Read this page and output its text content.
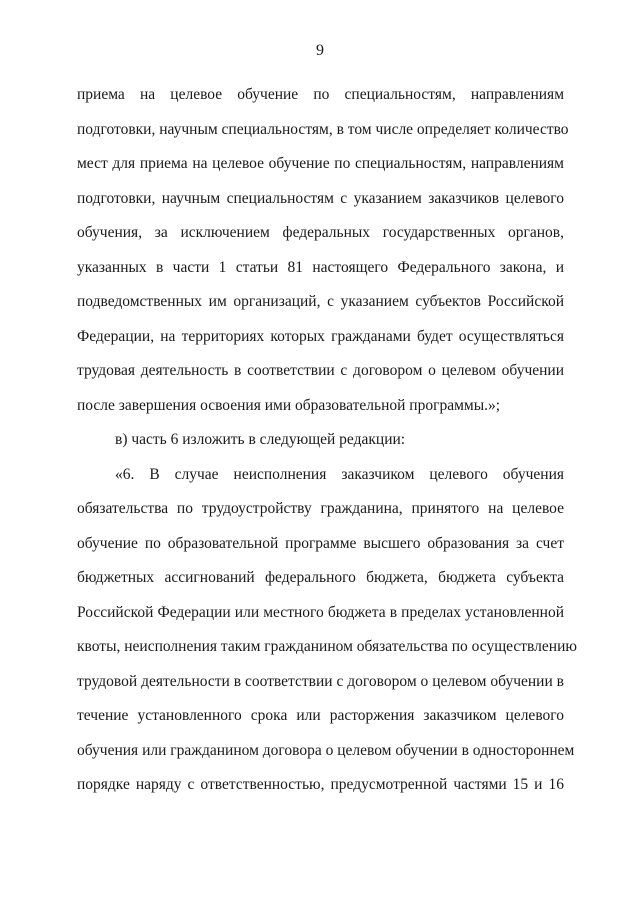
9
приема на целевое обучение по специальностям, направлениям
подготовки, научным специальностям, в том числе определяет количество
мест для приема на целевое обучение по специальностям, направлениям
подготовки, научным специальностям с указанием заказчиков целевого
обучения, за исключением федеральных государственных органов,
указанных в части 1 статьи 81 настоящего Федерального закона, и
подведомственных им организаций, с указанием субъектов Российской
Федерации, на территориях которых гражданами будет осуществляться
трудовая деятельность в соответствии с договором о целевом обучении
после завершения освоения ими образовательной программы.»;
в) часть 6 изложить в следующей редакции:
«6. В случае неисполнения заказчиком целевого обучения
обязательства по трудоустройству гражданина, принятого на целевое
обучение по образовательной программе высшего образования за счет
бюджетных ассигнований федерального бюджета, бюджета субъекта
Российской Федерации или местного бюджета в пределах установленной
квоты, неисполнения таким гражданином обязательства по осуществлению
трудовой деятельности в соответствии с договором о целевом обучении в
течение установленного срока или расторжения заказчиком целевого
обучения или гражданином договора о целевом обучении в одностороннем
порядке наряду с ответственностью, предусмотренной частями 15 и 16
